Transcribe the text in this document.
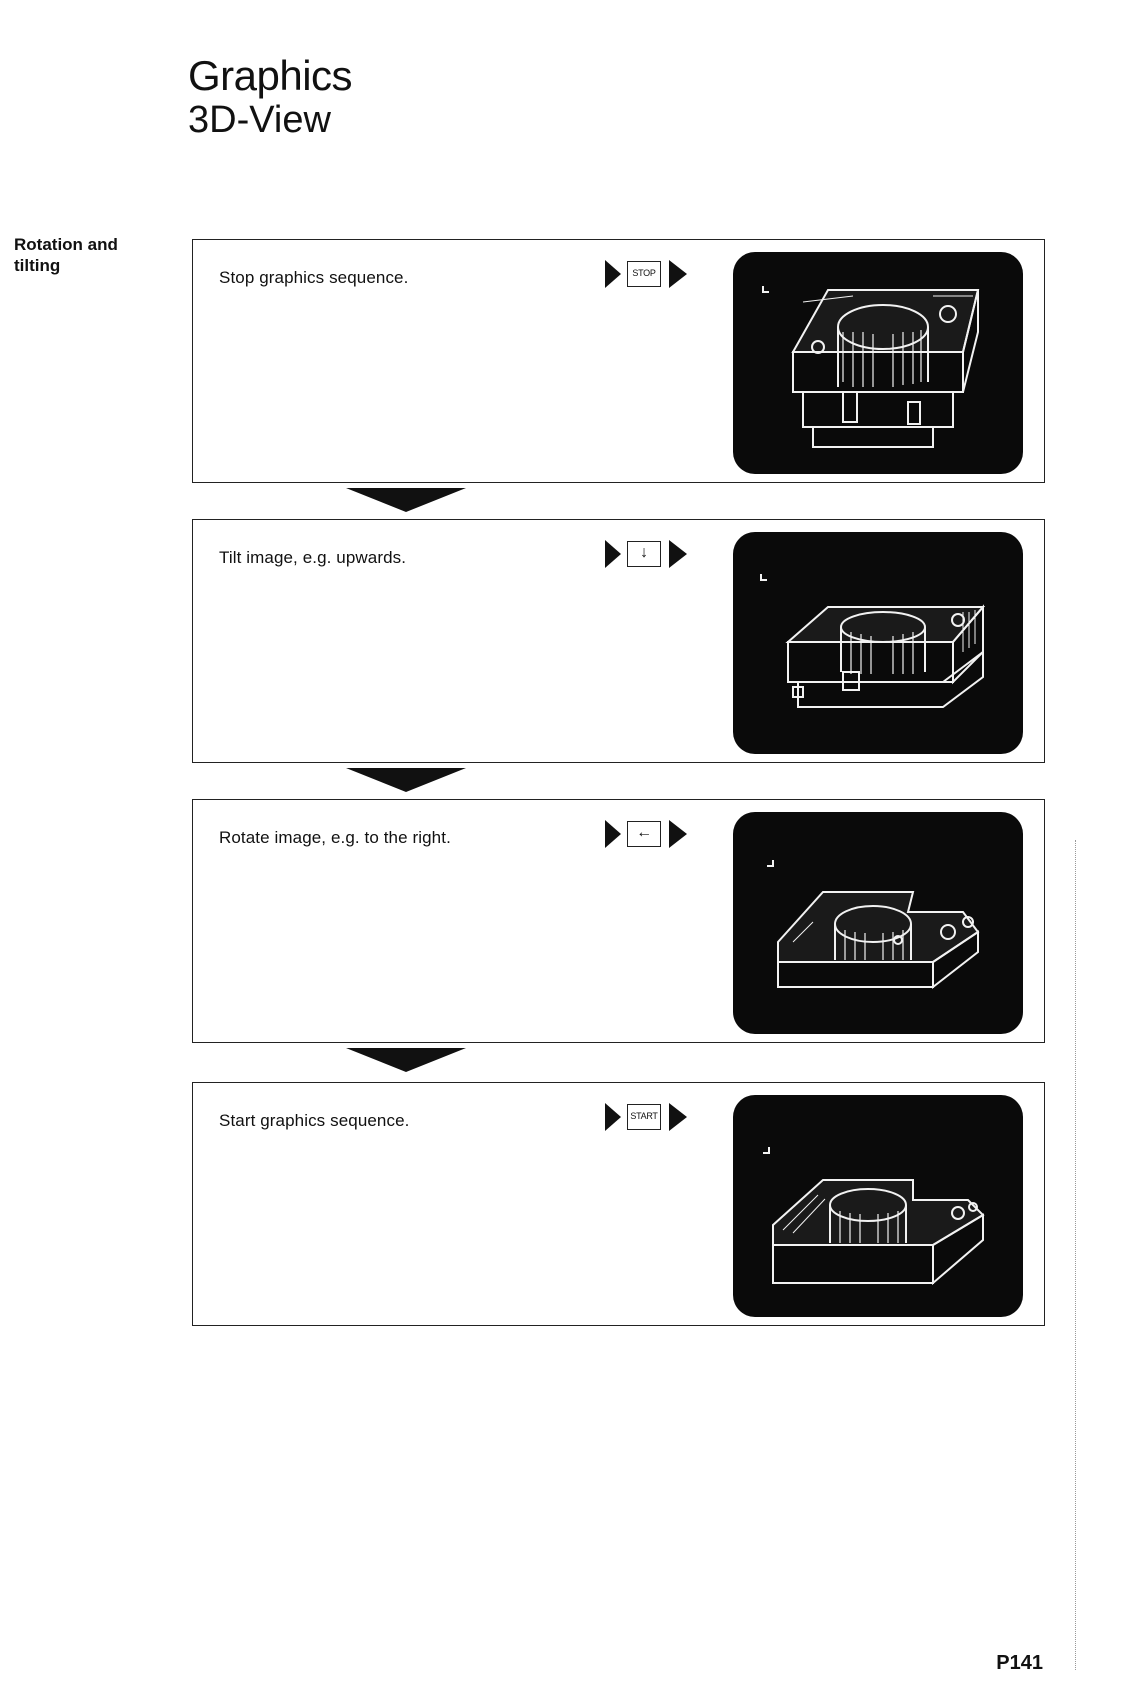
Graphics
3D-View
Rotation and tilting
Stop graphics sequence.	STOP
Tilt image, e.g. upwards.	↓
Rotate image, e.g. to the right.	←
Start graphics sequence.	START
P141
